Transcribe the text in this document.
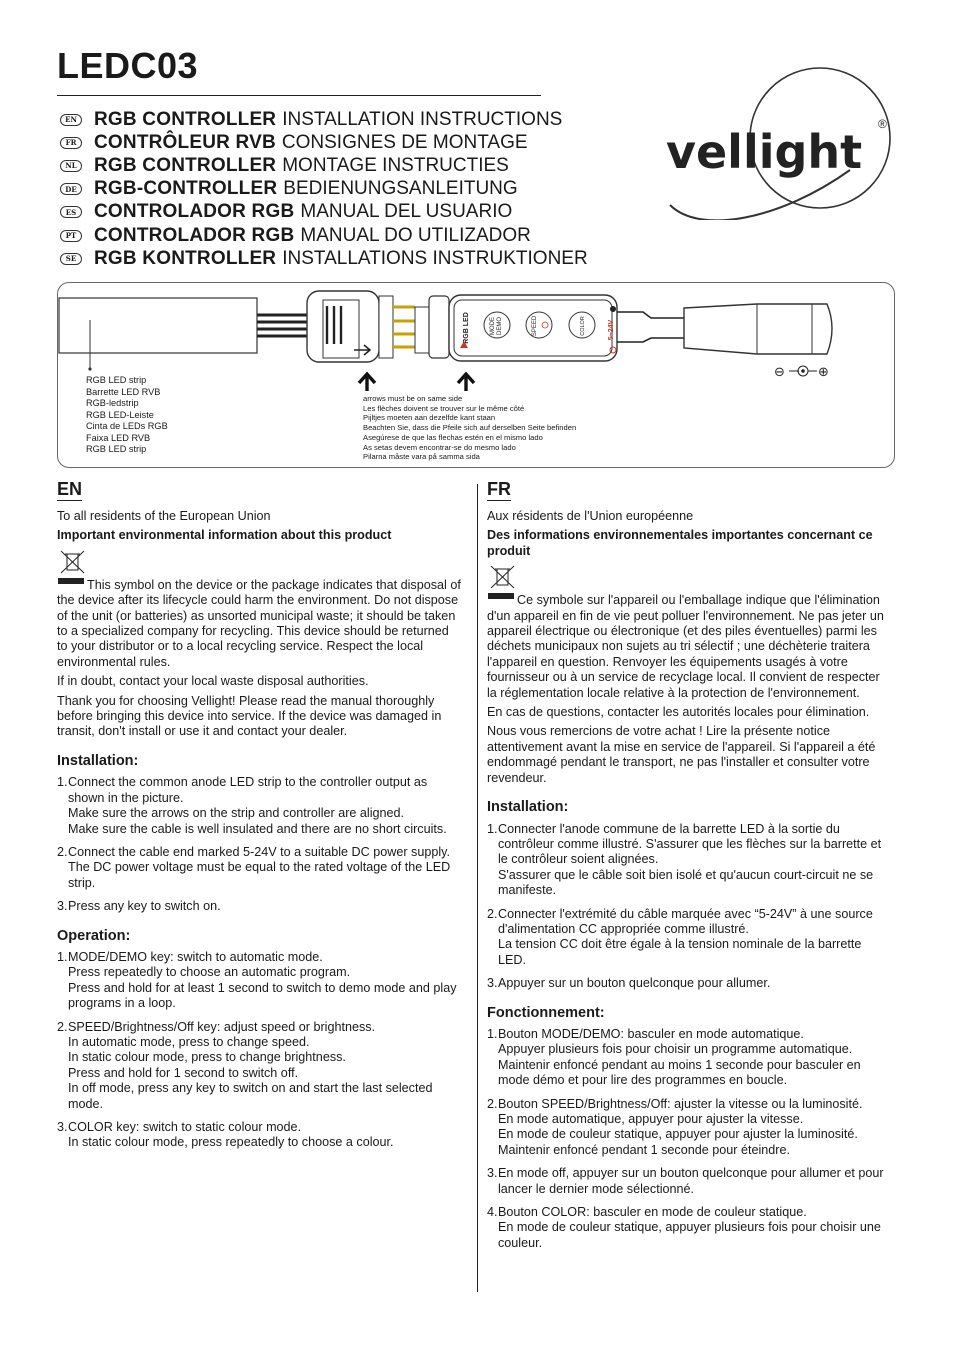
LEDC03
EN RGB CONTROLLER INSTALLATION INSTRUCTIONS
FR CONTRÔLEUR RVB CONSIGNES DE MONTAGE
NL RGB CONTROLLER MONTAGE INSTRUCTIES
DE RGB-CONTROLLER BEDIENUNGSANLEITUNG
ES CONTROLADOR RGB MANUAL DEL USUARIO
PT CONTROLADOR RGB MANUAL DO UTILIZADOR
SE RGB KONTROLLER INSTALLATIONS INSTRUKTIONER
vellight
®
RGB LED	MODE DEMO	SPEED	COLOR	5~24V
⊖	⊕
RGB LED strip
Barrette LED RVB
RGB-ledstrip
RGB LED-Leiste
Cinta de LEDs RGB
Faixa LED RVB
RGB LED strip
arrows must be on same side
Les flèches doivent se trouver sur le même côté
Pijltjes moeten aan dezelfde kant staan
Beachten Sie, dass die Pfeile sich auf derselben Seite befinden
Asegúrese de que las flechas estén en el mismo lado
As setas devem encontrar-se do mesmo lado
Pilarna måste vara på samma sida
EN

To all residents of the European Union

Important environmental information about this product

This symbol on the device or the package indicates that disposal of the device after its lifecycle could harm the environment. Do not dispose of the unit (or batteries) as unsorted municipal waste; it should be taken to a specialized company for recycling. This device should be returned to your distributor or to a local recycling service. Respect the local environmental rules.

If in doubt, contact your local waste disposal authorities.

Thank you for choosing Vellight! Please read the manual thoroughly before bringing this device into service. If the device was damaged in transit, don't install or use it and contact your dealer.

Installation:
1. Connect the common anode LED strip to the controller output as shown in the picture.
Make sure the arrows on the strip and controller are aligned.
Make sure the cable is well insulated and there are no short circuits.
2. Connect the cable end marked 5-24V to a suitable DC power supply.
The DC power voltage must be equal to the rated voltage of the LED strip.
3. Press any key to switch on.
Operation:
1. MODE/DEMO key: switch to automatic mode.
Press repeatedly to choose an automatic program.
Press and hold for at least 1 second to switch to demo mode and play programs in a loop.
2. SPEED/Brightness/Off key: adjust speed or brightness.
In automatic mode, press to change speed.
In static colour mode, press to change brightness.
Press and hold for 1 second to switch off.
In off mode, press any key to switch on and start the last selected mode.
3. COLOR key: switch to static colour mode.
In static colour mode, press repeatedly to choose a colour.
FR

Aux résidents de l'Union européenne

Des informations environnementales importantes concernant ce produit

Ce symbole sur l'appareil ou l'emballage indique que l'élimination d'un appareil en fin de vie peut polluer l'environnement. Ne pas jeter un appareil électrique ou électronique (et des piles éventuelles) parmi les déchets municipaux non sujets au tri sélectif ; une déchèterie traitera l'appareil en question. Renvoyer les équipements usagés à votre fournisseur ou à un service de recyclage local. Il convient de respecter la réglementation locale relative à la protection de l'environnement.

En cas de questions, contacter les autorités locales pour élimination.

Nous vous remercions de votre achat ! Lire la présente notice attentivement avant la mise en service de l'appareil. Si l'appareil a été endommagé pendant le transport, ne pas l'installer et consulter votre revendeur.

Installation:
1. Connecter l'anode commune de la barrette LED à la sortie du contrôleur comme illustré. S'assurer que les flèches sur la barrette et le contrôleur soient alignées.
S'assurer que le câble soit bien isolé et qu'aucun court-circuit ne se manifeste.
2. Connecter l'extrémité du câble marquée avec “5-24V” à une source d'alimentation CC appropriée comme illustré.
La tension CC doit être égale à la tension nominale de la barrette LED.
3. Appuyer sur un bouton quelconque pour allumer.
Fonctionnement:
1. Bouton MODE/DEMO: basculer en mode automatique.
Appuyer plusieurs fois pour choisir un programme automatique.
Maintenir enfoncé pendant au moins 1 seconde pour basculer en mode démo et pour lire des programmes en boucle.
2. Bouton SPEED/Brightness/Off: ajuster la vitesse ou la luminosité.
En mode automatique, appuyer pour ajuster la vitesse.
En mode de couleur statique, appuyer pour ajuster la luminosité.
Maintenir enfoncé pendant 1 seconde pour éteindre.
3. En mode off, appuyer sur un bouton quelconque pour allumer et pour lancer le dernier mode sélectionné.
4. Bouton COLOR: basculer en mode de couleur statique.
En mode de couleur statique, appuyer plusieurs fois pour choisir une couleur.
